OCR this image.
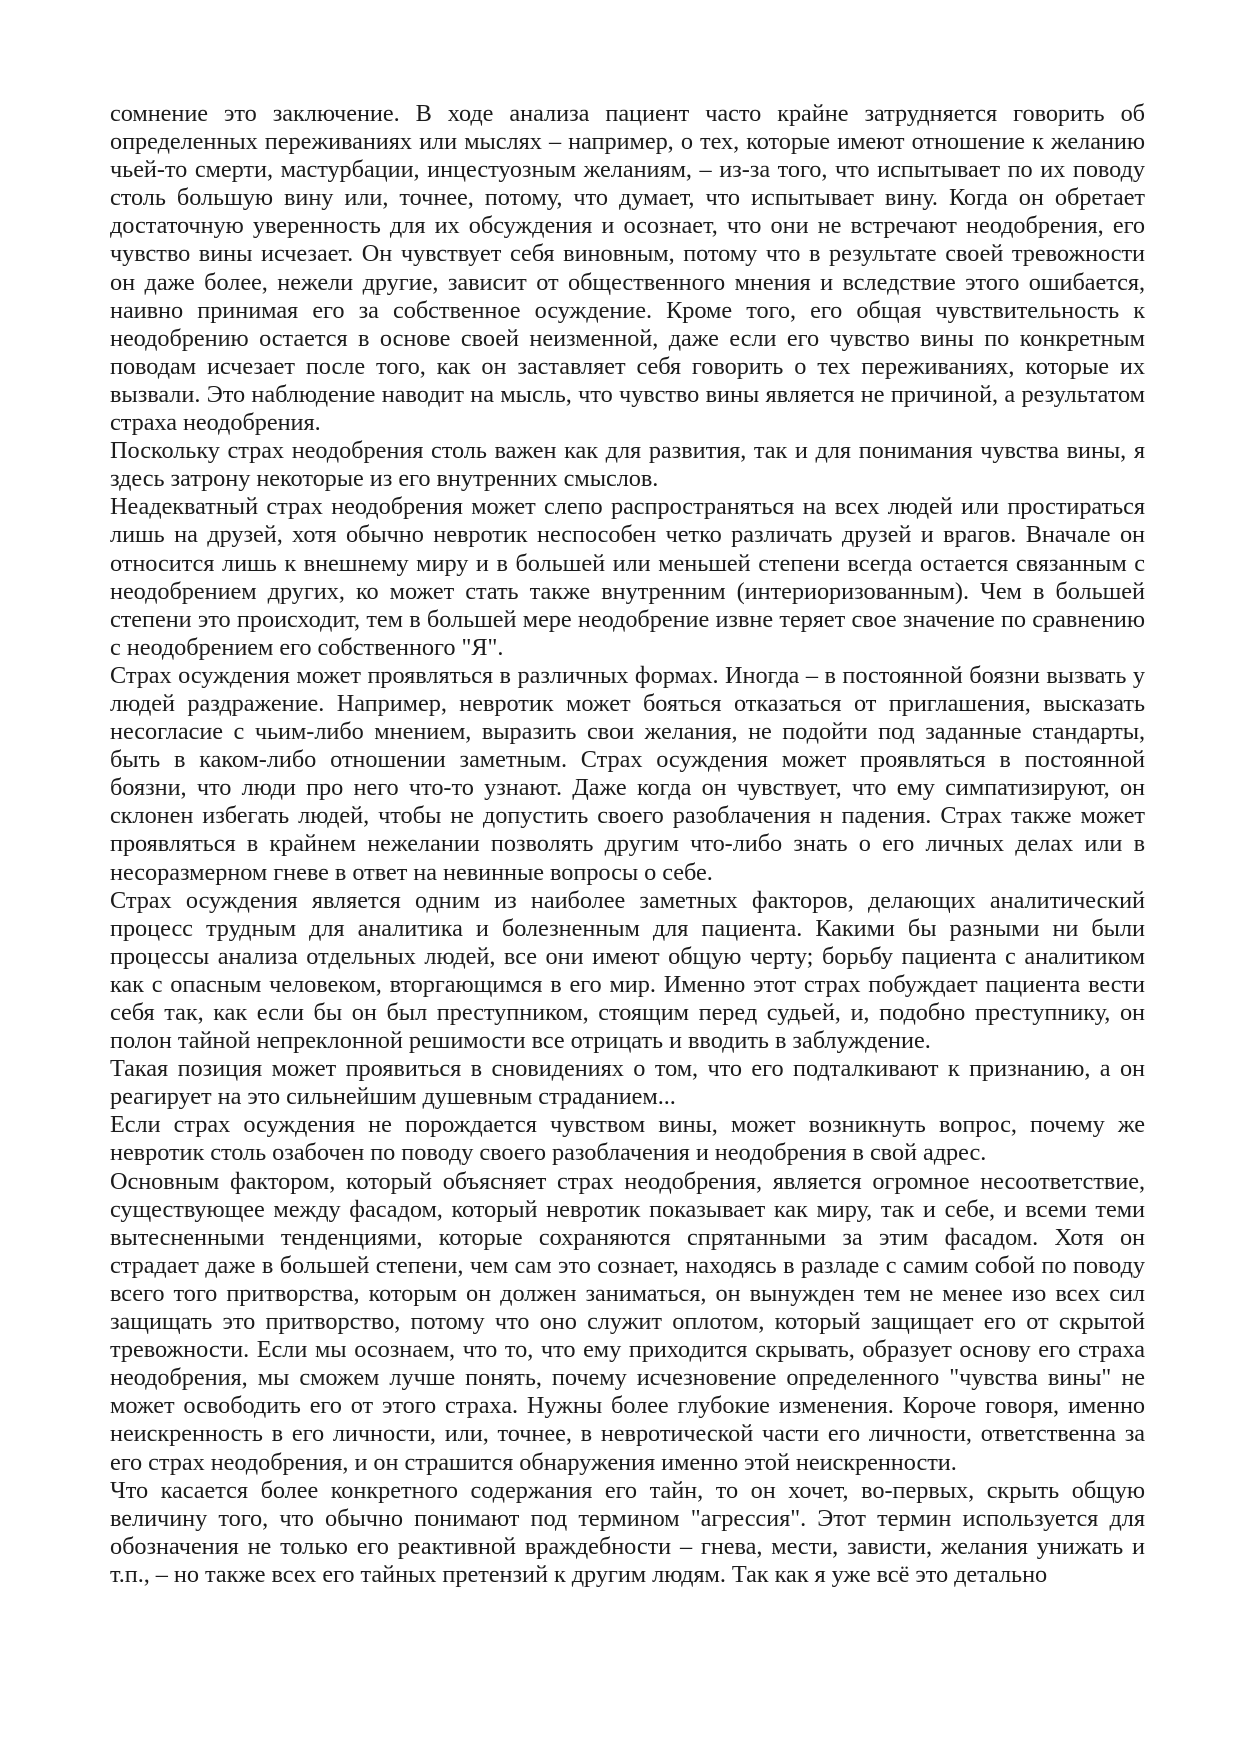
сомнение это заключение. В ходе анализа пациент часто крайне затрудняется говорить об определенных переживаниях или мыслях – например, о тех, которые имеют отношение к желанию чьей-то смерти, мастурбации, инцестуозным желаниям, – из-за того, что испытывает по их поводу столь большую вину или, точнее, потому, что думает, что испытывает вину. Когда он обретает достаточную уверенность для их обсуждения и осознает, что они не встречают неодобрения, его чувство вины исчезает. Он чувствует себя виновным, потому что в результате своей тревожности он даже более, нежели другие, зависит от общественного мнения и вследствие этого ошибается, наивно принимая его за собственное осуждение. Кроме того, его общая чувствительность к неодобрению остается в основе своей неизменной, даже если его чувство вины по конкретным поводам исчезает после того, как он заставляет себя говорить о тех переживаниях, которые их вызвали. Это наблюдение наводит на мысль, что чувство вины является не причиной, а результатом страха неодобрения.

Поскольку страх неодобрения столь важен как для развития, так и для понимания чувства вины, я здесь затрону некоторые из его внутренних смыслов.

Неадекватный страх неодобрения может слепо распространяться на всех людей или простираться лишь на друзей, хотя обычно невротик неспособен четко различать друзей и врагов. Вначале он относится лишь к внешнему миру и в большей или меньшей степени всегда остается связанным с неодобрением других, ко может стать также внутренним (интериоризованным). Чем в большей степени это происходит, тем в большей мере неодобрение извне теряет свое значение по сравнению с неодобрением его собственного "Я".

Страх осуждения может проявляться в различных формах. Иногда – в постоянной боязни вызвать у людей раздражение. Например, невротик может бояться отказаться от приглашения, высказать несогласие с чьим-либо мнением, выразить свои желания, не подойти под заданные стандарты, быть в каком-либо отношении заметным. Страх осуждения может проявляться в постоянной боязни, что люди про него что-то узнают. Даже когда он чувствует, что ему симпатизируют, он склонен избегать людей, чтобы не допустить своего разоблачения н падения. Страх также может проявляться в крайнем нежелании позволять другим что-либо знать о его личных делах или в несоразмерном гневе в ответ на невинные вопросы о себе.

Страх осуждения является одним из наиболее заметных факторов, делающих аналитический процесс трудным для аналитика и болезненным для пациента. Какими бы разными ни были процессы анализа отдельных людей, все они имеют общую черту; борьбу пациента с аналитиком как с опасным человеком, вторгающимся в его мир. Именно этот страх побуждает пациента вести себя так, как если бы он был преступником, стоящим перед судьей, и, подобно преступнику, он полон тайной непреклонной решимости все отрицать и вводить в заблуждение.

Такая позиция может проявиться в сновидениях о том, что его подталкивают к признанию, а он реагирует на это сильнейшим душевным страданием...

Если страх осуждения не порождается чувством вины, может возникнуть вопрос, почему же невротик столь озабочен по поводу своего разоблачения и неодобрения в свой адрес.

Основным фактором, который объясняет страх неодобрения, является огромное несоответствие, существующее между фасадом, который невротик показывает как миру, так и себе, и всеми теми вытесненными тенденциями, которые сохраняются спрятанными за этим фасадом. Хотя он страдает даже в большей степени, чем сам это сознает, находясь в разладе с самим собой по поводу всего того притворства, которым он должен заниматься, он вынужден тем не менее изо всех сил защищать это притворство, потому что оно служит оплотом, который защищает его от скрытой тревожности. Если мы осознаем, что то, что ему приходится скрывать, образует основу его страха неодобрения, мы сможем лучше понять, почему исчезновение определенного "чувства вины" не может освободить его от этого страха. Нужны более глубокие изменения. Короче говоря, именно неискренность в его личности, или, точнее, в невротической части его личности, ответственна за его страх неодобрения, и он страшится обнаружения именно этой неискренности.

Что касается более конкретного содержания его тайн, то он хочет, во-первых, скрыть общую величину того, что обычно понимают под термином "агрессия". Этот термин используется для обозначения не только его реактивной враждебности – гнева, мести, зависти, желания унижать и т.п., – но также всех его тайных претензий к другим людям. Так как я уже всё это детально
